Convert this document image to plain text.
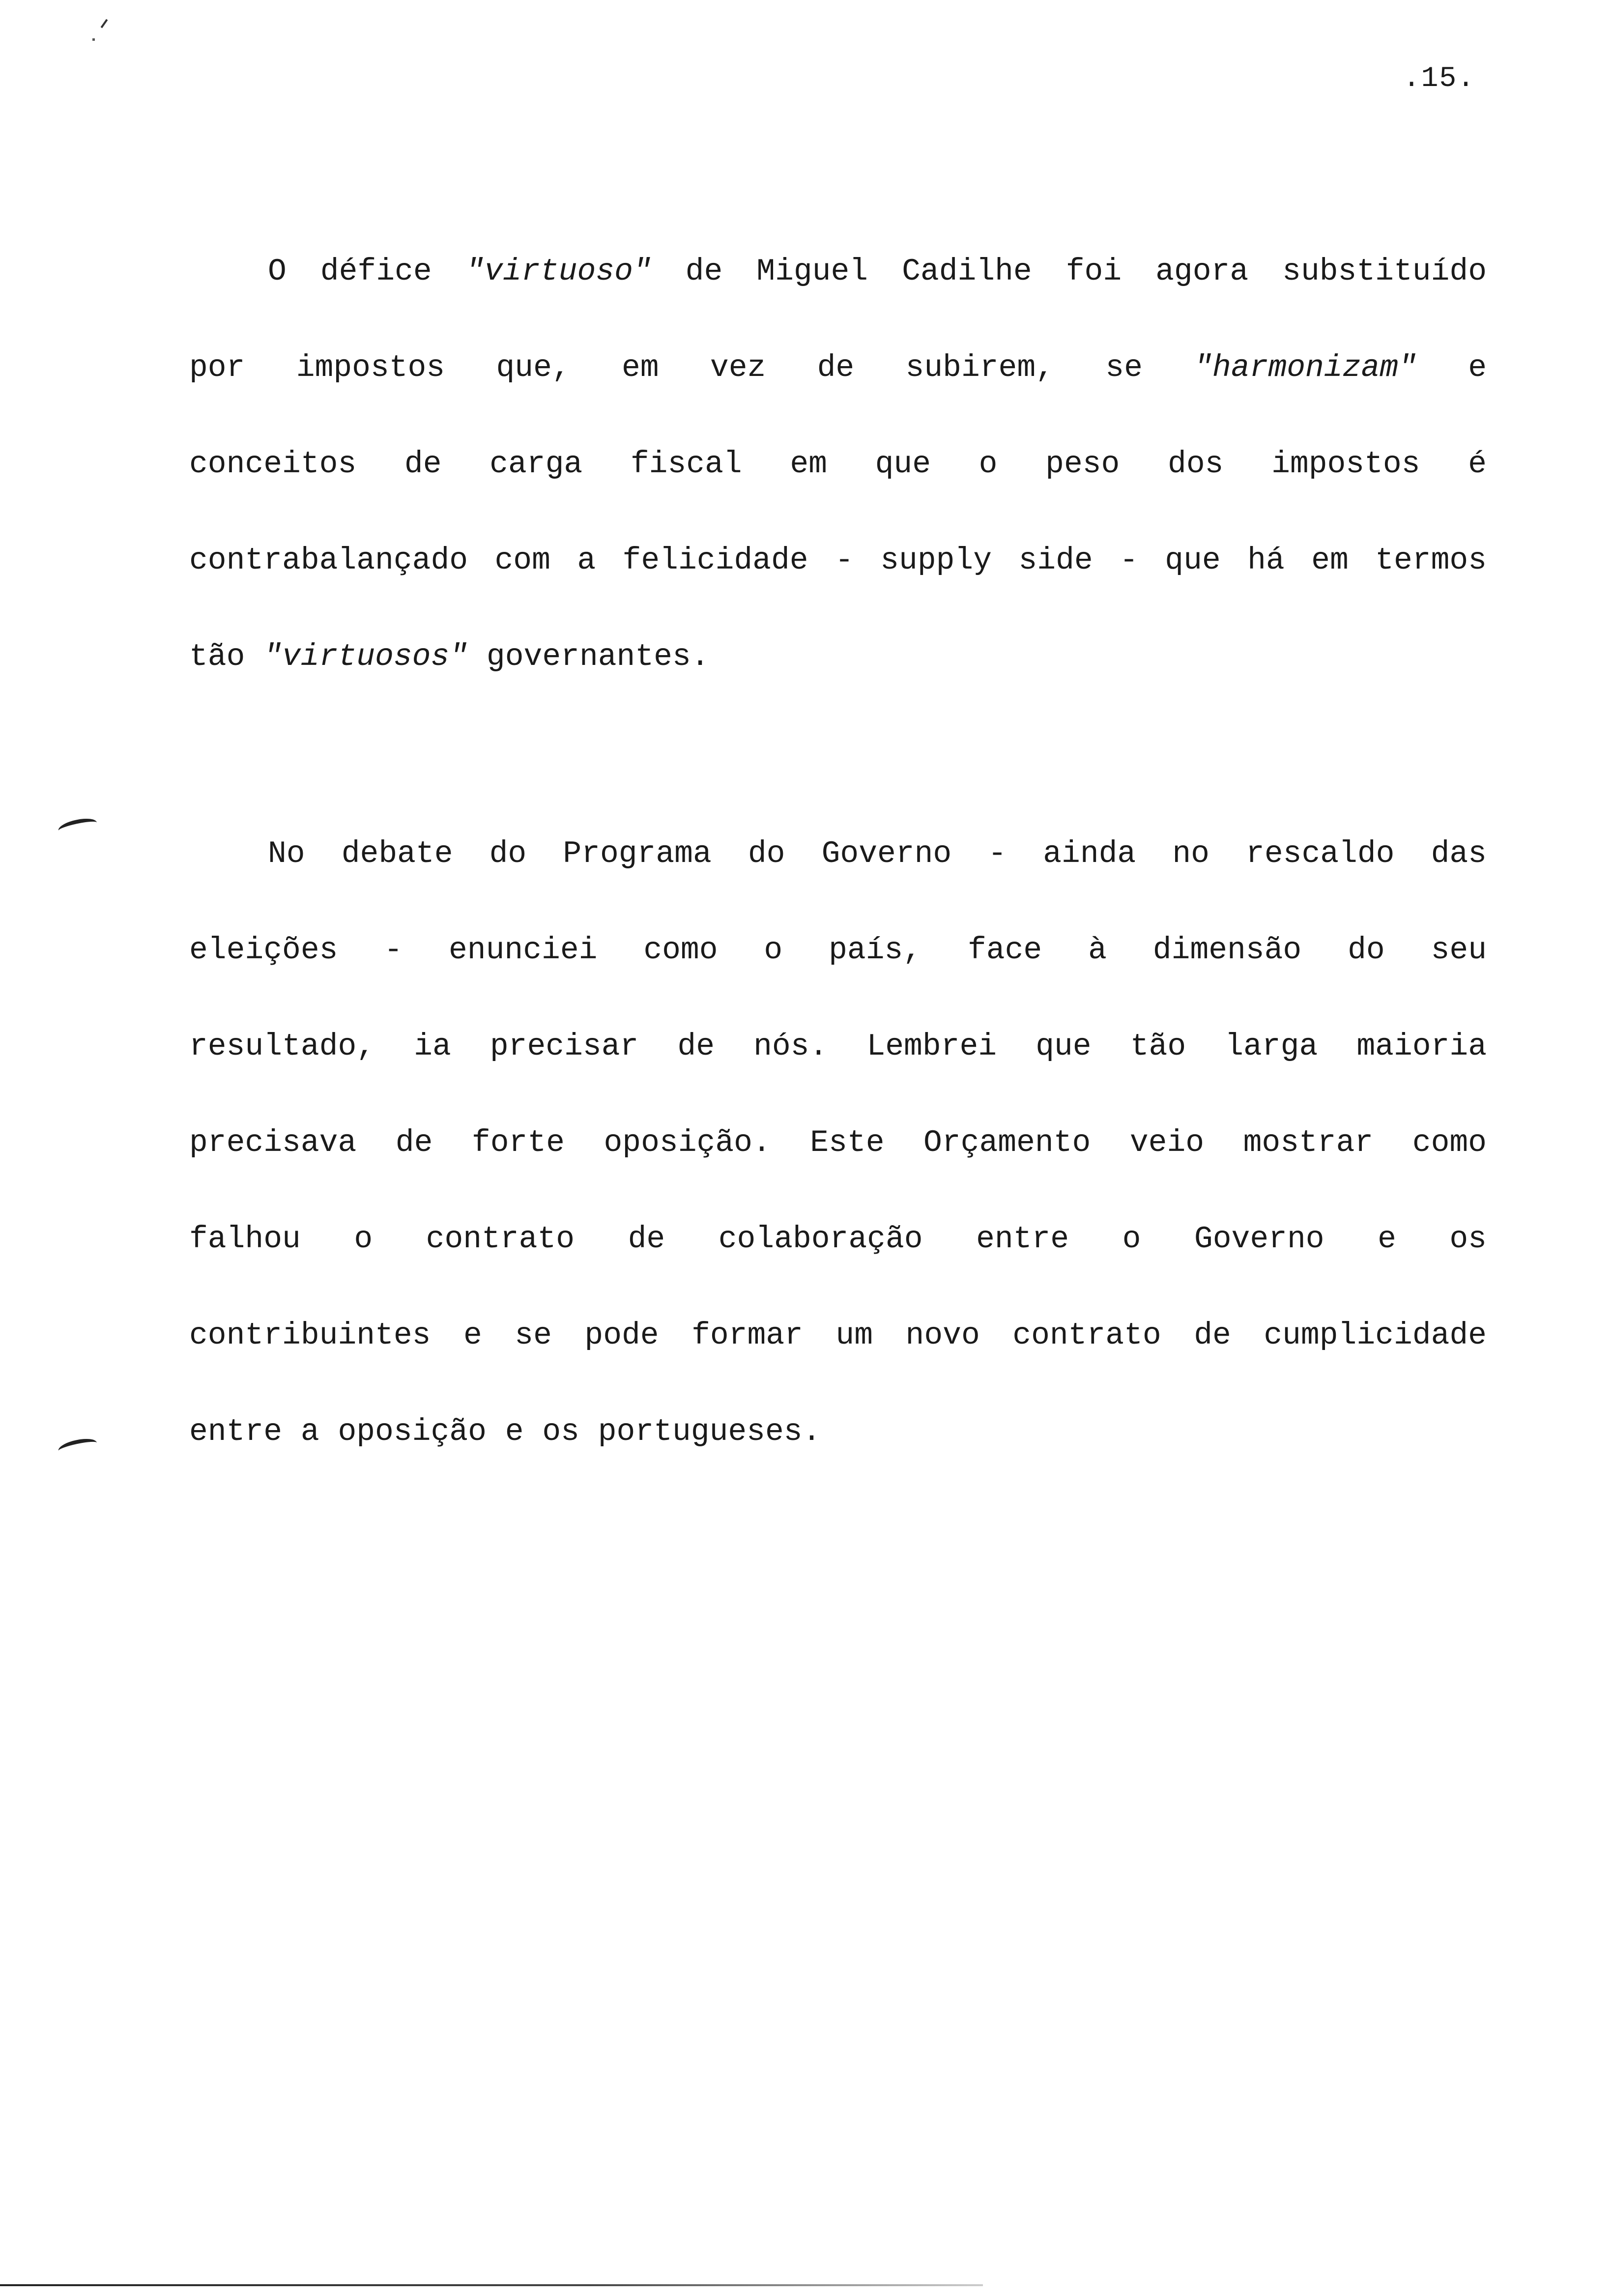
.15.
O défice "virtuoso" de Miguel Cadilhe foi agora substituído
por impostos que, em vez de subirem, se "harmonizam" e
conceitos de carga fiscal em que o peso dos impostos é
contrabalançado com a felicidade - supply side - que há em termos
tão "virtuosos" governantes.
No debate do Programa do Governo - ainda no rescaldo das
eleições - enunciei como o país, face à dimensão do seu
resultado, ia precisar de nós. Lembrei que tão larga maioria
precisava de forte oposição. Este Orçamento veio mostrar como
falhou o contrato de colaboração entre o Governo e os
contribuintes e se pode formar um novo contrato de cumplicidade
entre a oposição e os portugueses.
